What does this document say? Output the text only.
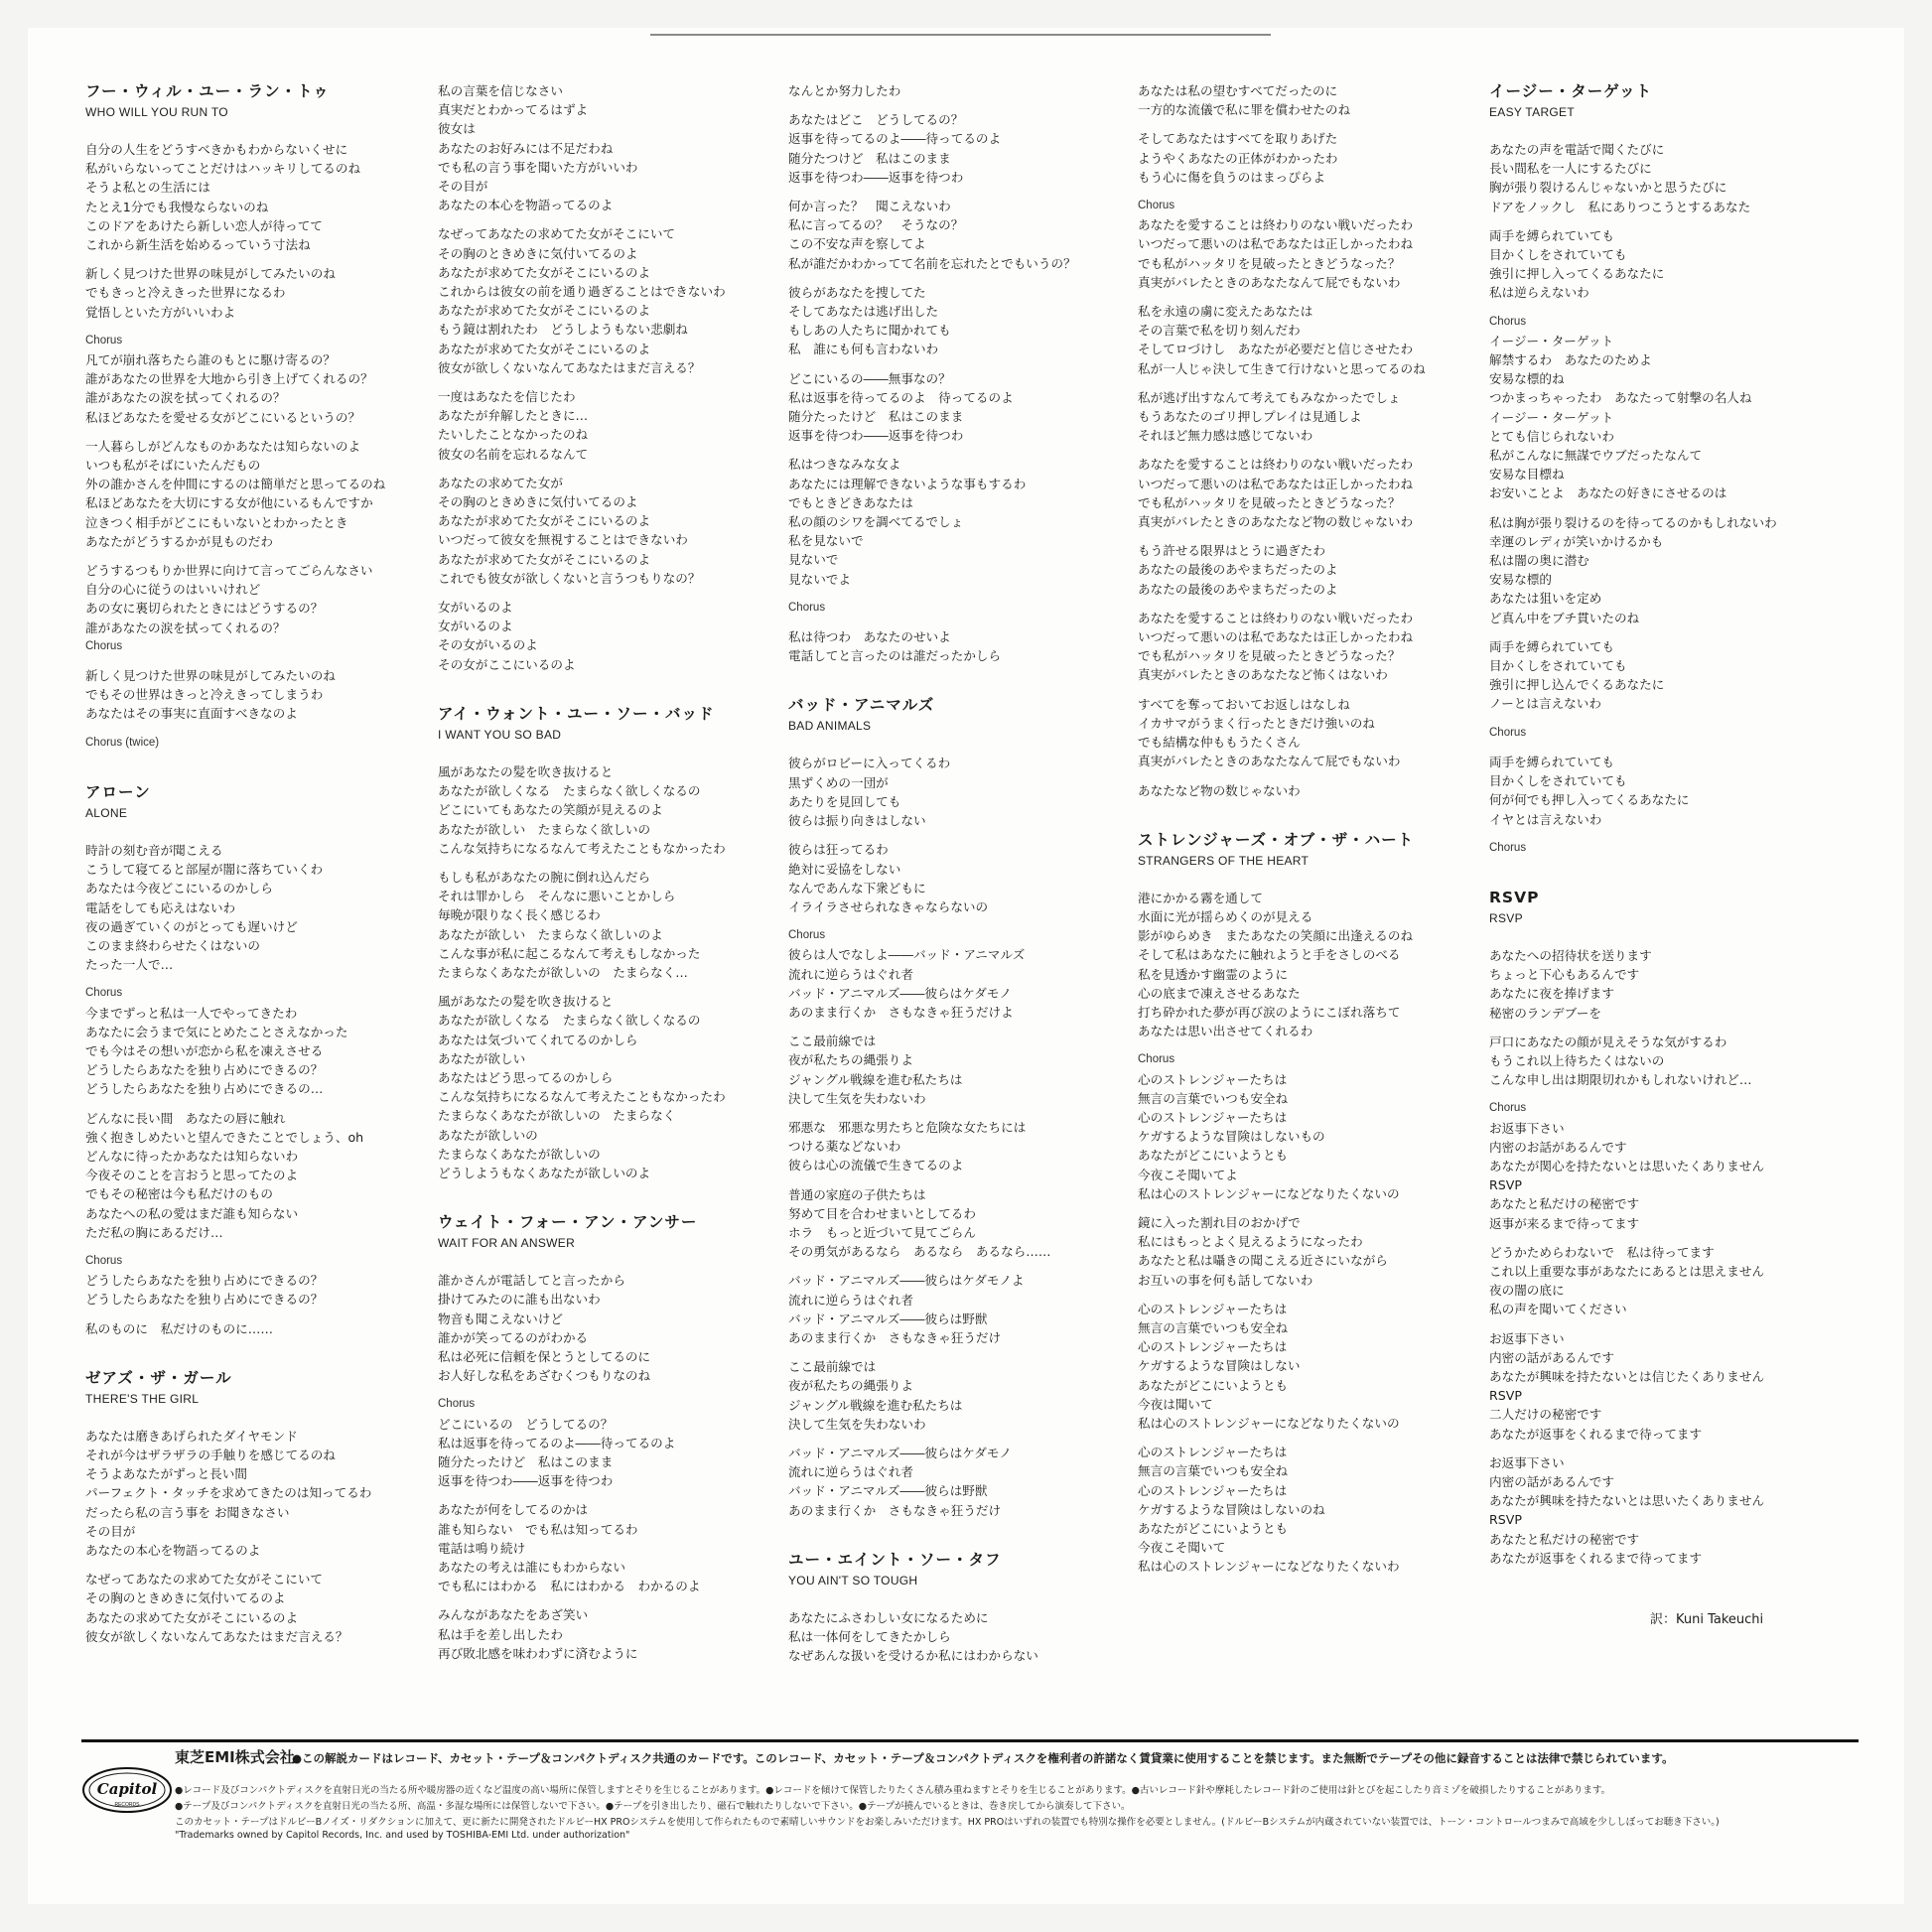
フー・ウィル・ユー・ラン・トゥ
WHO WILL YOU RUN TO
自分の人生をどうすべきかもわからないくせに
私がいらないってことだけはハッキリしてるのね
そうよ私との生活には
たとえ1分でも我慢ならないのね
このドアをあけたら新しい恋人が待ってて
これから新生活を始めるっていう寸法ね
新しく見つけた世界の味見がしてみたいのね
でもきっと冷えきった世界になるわ
覚悟しといた方がいいわよ
Chorus
凡てが崩れ落ちたら誰のもとに駆け寄るの？
誰があなたの世界を大地から引き上げてくれるの？
誰があなたの涙を拭ってくれるの？
私ほどあなたを愛せる女がどこにいるというの？
一人暮らしがどんなものかあなたは知らないのよ
いつも私がそばにいたんだもの
外の誰かさんを仲間にするのは簡単だと思ってるのね
私ほどあなたを大切にする女が他にいるもんですか
泣きつく相手がどこにもいないとわかったとき
あなたがどうするかが見ものだわ
どうするつもりか世界に向けて言ってごらんなさい
自分の心に従うのはいいけれど
あの女に裏切られたときにはどうするの？
誰があなたの涙を拭ってくれるの？
Chorus
新しく見つけた世界の味見がしてみたいのね
でもその世界はきっと冷えきってしまうわ
あなたはその事実に直面すべきなのよ
Chorus (twice)
アローン
ALONE
時計の刻む音が聞こえる
こうして寝てると部屋が闇に落ちていくわ
あなたは今夜どこにいるのかしら
電話をしても応えはないわ
夜の過ぎていくのがとっても遅いけど
このまま終わらせたくはないの
たった一人で…
Chorus
今までずっと私は一人でやってきたわ
あなたに会うまで気にとめたことさえなかった
でも今はその想いが恋から私を凍えさせる
どうしたらあなたを独り占めにできるの？
どうしたらあなたを独り占めにできるの…
どんなに長い間　あなたの唇に触れ
強く抱きしめたいと望んできたことでしょう、oh
どんなに待ったかあなたは知らないわ
今夜そのことを言おうと思ってたのよ
でもその秘密は今も私だけのもの
あなたへの私の愛はまだ誰も知らない
ただ私の胸にあるだけ…
Chorus
どうしたらあなたを独り占めにできるの？
どうしたらあなたを独り占めにできるの？
私のものに　私だけのものに……
ゼアズ・ザ・ガール
THERE'S THE GIRL
あなたは磨きあげられたダイヤモンド
それが今はザラザラの手触りを感じてるのね
そうよあなたがずっと長い間
パーフェクト・タッチを求めてきたのは知ってるわ
だったら私の言う事を お聞きなさい
その目が
あなたの本心を物語ってるのよ
なぜってあなたの求めてた女がそこにいて
その胸のときめきに気付いてるのよ
あなたの求めてた女がそこにいるのよ
彼女が欲しくないなんてあなたはまだ言える？
私の言葉を信じなさい
真実だとわかってるはずよ
彼女は
あなたのお好みには不足だわね
でも私の言う事を聞いた方がいいわ
その目が
あなたの本心を物語ってるのよ
なぜってあなたの求めてた女がそこにいて
その胸のときめきに気付いてるのよ
あなたが求めてた女がそこにいるのよ
これからは彼女の前を通り過ぎることはできないわ
あなたが求めてた女がそこにいるのよ
もう鏡は割れたわ　どうしようもない悲劇ね
あなたが求めてた女がそこにいるのよ
彼女が欲しくないなんてあなたはまだ言える？
一度はあなたを信じたわ
あなたが弁解したときに…
たいしたことなかったのね
彼女の名前を忘れるなんて
あなたの求めてた女が
その胸のときめきに気付いてるのよ
あなたが求めてた女がそこにいるのよ
いつだって彼女を無視することはできないわ
あなたが求めてた女がそこにいるのよ
これでも彼女が欲しくないと言うつもりなの？
女がいるのよ
女がいるのよ
その女がいるのよ
その女がここにいるのよ
アイ・ウォント・ユー・ソー・バッド
I WANT YOU SO BAD
風があなたの髪を吹き抜けると
あなたが欲しくなる　たまらなく欲しくなるの
どこにいてもあなたの笑顔が見えるのよ
あなたが欲しい　たまらなく欲しいの
こんな気持ちになるなんて考えたこともなかったわ
もしも私があなたの腕に倒れ込んだら
それは罪かしら　そんなに悪いことかしら
毎晩が限りなく長く感じるわ
あなたが欲しい　たまらなく欲しいのよ
こんな事が私に起こるなんて考えもしなかった
たまらなくあなたが欲しいの　たまらなく…
風があなたの髪を吹き抜けると
あなたが欲しくなる　たまらなく欲しくなるの
あなたは気づいてくれてるのかしら
あなたが欲しい
あなたはどう思ってるのかしら
こんな気持ちになるなんて考えたこともなかったわ
たまらなくあなたが欲しいの　たまらなく
あなたが欲しいの
たまらなくあなたが欲しいの
どうしようもなくあなたが欲しいのよ
ウェイト・フォー・アン・アンサー
WAIT FOR AN ANSWER
誰かさんが電話してと言ったから
掛けてみたのに誰も出ないわ
物音も聞こえないけど
誰かが笑ってるのがわかる
私は必死に信頼を保とうとしてるのに
お人好しな私をあざむくつもりなのね
Chorus
どこにいるの　どうしてるの？
私は返事を待ってるのよ――待ってるのよ
随分たったけど　私はこのまま
返事を待つわ――返事を待つわ
あなたが何をしてるのかは
誰も知らない　でも私は知ってるわ
電話は鳴り続け
あなたの考えは誰にもわからない
でも私にはわかる　私にはわかる　わかるのよ
みんながあなたをあざ笑い
私は手を差し出したわ
再び敗北感を味わわずに済むように
なんとか努力したわ
あなたはどこ　どうしてるの？
返事を待ってるのよ――待ってるのよ
随分たつけど　私はこのまま
返事を待つわ――返事を待つわ
何か言った？　聞こえないわ
私に言ってるの？　そうなの？
この不安な声を察してよ
私が誰だかわかってて名前を忘れたとでもいうの？
彼らがあなたを捜してた
そしてあなたは逃げ出した
もしあの人たちに聞かれても
私　誰にも何も言わないわ
どこにいるの――無事なの？
私は返事を待ってるのよ　待ってるのよ
随分たったけど　私はこのまま
返事を待つわ――返事を待つわ
私はつきなみな女よ
あなたには理解できないような事もするわ
でもときどきあなたは
私の顔のシワを調べてるでしょ
私を見ないで
見ないで
見ないでよ
Chorus
私は待つわ　あなたのせいよ
電話してと言ったのは誰だったかしら
バッド・アニマルズ
BAD ANIMALS
彼らがロビーに入ってくるわ
黒ずくめの一団が
あたりを見回しても
彼らは振り向きはしない
彼らは狂ってるわ
絶対に妥協をしない
なんであんな下衆どもに
イライラさせられなきゃならないの
Chorus
彼らは人でなしよ――バッド・アニマルズ
流れに逆らうはぐれ者
バッド・アニマルズ――彼らはケダモノ
あのまま行くか　さもなきゃ狂うだけよ
ここ最前線では
夜が私たちの縄張りよ
ジャングル戦線を進む私たちは
決して生気を失わないわ
邪悪な　邪悪な男たちと危険な女たちには
つける薬などないわ
彼らは心の流儀で生きてるのよ
普通の家庭の子供たちは
努めて目を合わせまいとしてるわ
ホラ　もっと近づいて見てごらん
その勇気があるなら　あるなら　あるなら……
バッド・アニマルズ――彼らはケダモノよ
流れに逆らうはぐれ者
バッド・アニマルズ――彼らは野獣
あのまま行くか　さもなきゃ狂うだけ
ここ最前線では
夜が私たちの縄張りよ
ジャングル戦線を進む私たちは
決して生気を失わないわ
バッド・アニマルズ――彼らはケダモノ
流れに逆らうはぐれ者
バッド・アニマルズ――彼らは野獣
あのまま行くか　さもなきゃ狂うだけ
ユー・エイント・ソー・タフ
YOU AIN'T SO TOUGH
あなたにふさわしい女になるために
私は一体何をしてきたかしら
なぜあんな扱いを受けるか私にはわからない
あなたは私の望むすべてだったのに
一方的な流儀で私に罪を償わせたのね
そしてあなたはすべてを取りあげた
ようやくあなたの正体がわかったわ
もう心に傷を負うのはまっぴらよ
Chorus
あなたを愛することは終わりのない戦いだったわ
いつだって悪いのは私であなたは正しかったわね
でも私がハッタリを見破ったときどうなった？
真実がバレたときのあなたなんて屁でもないわ
私を永遠の虜に変えたあなたは
その言葉で私を切り刻んだわ
そしてロづけし　あなたが必要だと信じさせたわ
私が一人じゃ決して生きて行けないと思ってるのね
私が逃げ出すなんて考えてもみなかったでしょ
もうあなたのゴリ押しプレイは見通しよ
それほど無力感は感じてないわ
あなたを愛することは終わりのない戦いだったわ
いつだって悪いのは私であなたは正しかったわね
でも私がハッタリを見破ったときどうなった？
真実がバレたときのあなたなど物の数じゃないわ
もう許せる限界はとうに過ぎたわ
あなたの最後のあやまちだったのよ
あなたの最後のあやまちだったのよ
あなたを愛することは終わりのない戦いだったわ
いつだって悪いのは私であなたは正しかったわね
でも私がハッタリを見破ったときどうなった？
真実がバレたときのあなたなど怖くはないわ
すべてを奪っておいてお返しはなしね
イカサマがうまく行ったときだけ強いのね
でも結構な仲ももうたくさん
真実がバレたときのあなたなんて屁でもないわ
あなたなど物の数じゃないわ
ストレンジャーズ・オブ・ザ・ハート
STRANGERS OF THE HEART
港にかかる霧を通して
水面に光が揺らめくのが見える
影がゆらめき　またあなたの笑顔に出逢えるのね
そして私はあなたに触れようと手をさしのべる
私を見透かす幽霊のように
心の底まで凍えさせるあなた
打ち砕かれた夢が再び涙のようにこぼれ落ちて
あなたは思い出させてくれるわ
Chorus
心のストレンジャーたちは
無言の言葉でいつも安全ね
心のストレンジャーたちは
ケガするような冒険はしないもの
あなたがどこにいようとも
今夜こそ聞いてよ
私は心のストレンジャーになどなりたくないの
鏡に入った割れ目のおかげで
私にはもっとよく見えるようになったわ
あなたと私は囁きの聞こえる近さにいながら
お互いの事を何も話してないわ
心のストレンジャーたちは
無言の言葉でいつも安全ね
心のストレンジャーたちは
ケガするような冒険はしない
あなたがどこにいようとも
今夜は聞いて
私は心のストレンジャーになどなりたくないの
心のストレンジャーたちは
無言の言葉でいつも安全ね
心のストレンジャーたちは
ケガするような冒険はしないのね
あなたがどこにいようとも
今夜こそ聞いて
私は心のストレンジャーになどなりたくないわ
イージー・ターゲット
EASY TARGET
あなたの声を電話で聞くたびに
長い間私を一人にするたびに
胸が張り裂けるんじゃないかと思うたびに
ドアをノックし　私にありつこうとするあなた
両手を縛られていても
目かくしをされていても
強引に押し入ってくるあなたに
私は逆らえないわ
Chorus
イージー・ターゲット
解禁するわ　あなたのためよ
安易な標的ね
つかまっちゃったわ　あなたって射撃の名人ね
イージー・ターゲット
とても信じられないわ
私がこんなに無謀でウブだったなんて
安易な目標ね
お安いことよ　あなたの好きにさせるのは
私は胸が張り裂けるのを待ってるのかもしれないわ
幸運のレディが笑いかけるかも
私は闇の奥に潜む
安易な標的
あなたは狙いを定め
ど真ん中をブチ貫いたのね
両手を縛られていても
目かくしをされていても
強引に押し込んでくるあなたに
ノーとは言えないわ
Chorus
両手を縛られていても
目かくしをされていても
何が何でも押し入ってくるあなたに
イヤとは言えないわ
Chorus
RSVP
RSVP
あなたへの招待状を送ります
ちょっと下心もあるんです
あなたに夜を捧げます
秘密のランデブーを
戸口にあなたの顔が見えそうな気がするわ
もうこれ以上待ちたくはないの
こんな申し出は期限切れかもしれないけれど…
Chorus
お返事下さい
内密のお話があるんです
あなたが関心を持たないとは思いたくありません
RSVP
あなたと私だけの秘密です
返事が来るまで待ってます
どうかためらわないで　私は待ってます
これ以上重要な事があなたにあるとは思えません
夜の闇の底に
私の声を聞いてください
お返事下さい
内密の話があるんです
あなたが興味を持たないとは信じたくありません
RSVP
二人だけの秘密です
あなたが返事をくれるまで待ってます
お返事下さい
内密の話があるんです
あなたが興味を持たないとは思いたくありません
RSVP
あなたと私だけの秘密です
あなたが返事をくれるまで待ってます
訳：Kuni Takeuchi
Capitol
RECORDS
東芝EMI株式会社
●この解説カードはレコード、カセット・テープ＆コンパクトディスク共通のカードです。このレコード、カセット・テープ＆コンパクトディスクを権利者の許諾なく賃貸業に使用することを禁じます。また無断でテープその他に録音することは法律で禁じられています。
●レコード及びコンパクトディスクを直射日光の当たる所や暖房器の近くなど温度の高い場所に保管しますとそりを生じることがあります。●レコードを傾けて保管したりたくさん積み重ねますとそりを生じることがあります。●古いレコード針や摩耗したレコード針のご使用は針とびを起こしたり音ミゾを破損したりすることがあります。
●テープ及びコンパクトディスクを直射日光の当たる所、高温・多湿な場所には保管しないで下さい。●テープを引き出したり、磁石で触れたりしないで下さい。●テープが撓んでいるときは、巻き戻してから演奏して下さい。
このカセット・テープはドルビーBノイズ・リダクションに加えて、更に新たに開発されたドルビーHX PROシステムを使用して作られたもので素晴しいサウンドをお楽しみいただけます。HX PROはいずれの装置でも特別な操作を必要としません。(ドルビーBシステムが内蔵されていない装置では、トーン・コントロールつまみで高域を少ししぼってお聴き下さい。)
"Trademarks owned by Capitol Records, Inc. and used by TOSHIBA-EMI Ltd. under authorization"
